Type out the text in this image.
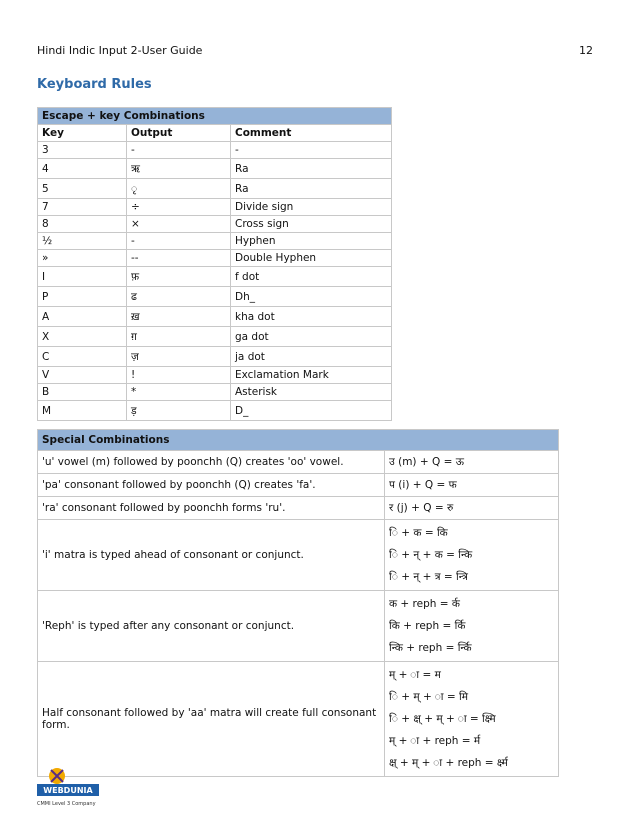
Hindi Indic Input 2-User Guide	12
Keyboard Rules
Escape + key Combinations		
Key	Output	Comment
3	-	-
4	ऋ	Ra
5	ृ	Ra
7	÷	Divide sign
8	×	Cross sign
½	-	Hyphen
»	--	Double Hyphen
I	फ़	f dot
P	ढ	Dh_
A	ख़	kha dot
X	ग़	ga dot
C	ज़	ja dot
V	!	Exclamation Mark
B	*	Asterisk
M	ड़	D_
Special Combinations	
'u' vowel (m) followed by poonchh (Q) creates 'oo' vowel.	उ (m) + Q = ऊ

'pa' consonant followed by poonchh (Q) creates 'fa'.	प (i) + Q = फ

'ra' consonant followed by poonchh forms 'ru'.	र (j) + Q = रु

'i' matra is typed ahead of consonant or conjunct.	ि + क = कि
ि + न् + क = न्कि
ि + न् + त्र = न्त्रि

'Reph' is typed after any consonant or conjunct.	क + reph = र्क
कि + reph = र्कि
न्कि + reph = र्न्कि

Half consonant followed by 'aa' matra will create full consonant form.	म् + ा = म
ि + म् + ा = मि
ि + क्ष् + म् + ा = क्ष्मि
म् + ा + reph = र्म
क्ष् + म् + ा + reph = र्क्ष्म
WEBDUNIA
CMMI Level 3 Company
